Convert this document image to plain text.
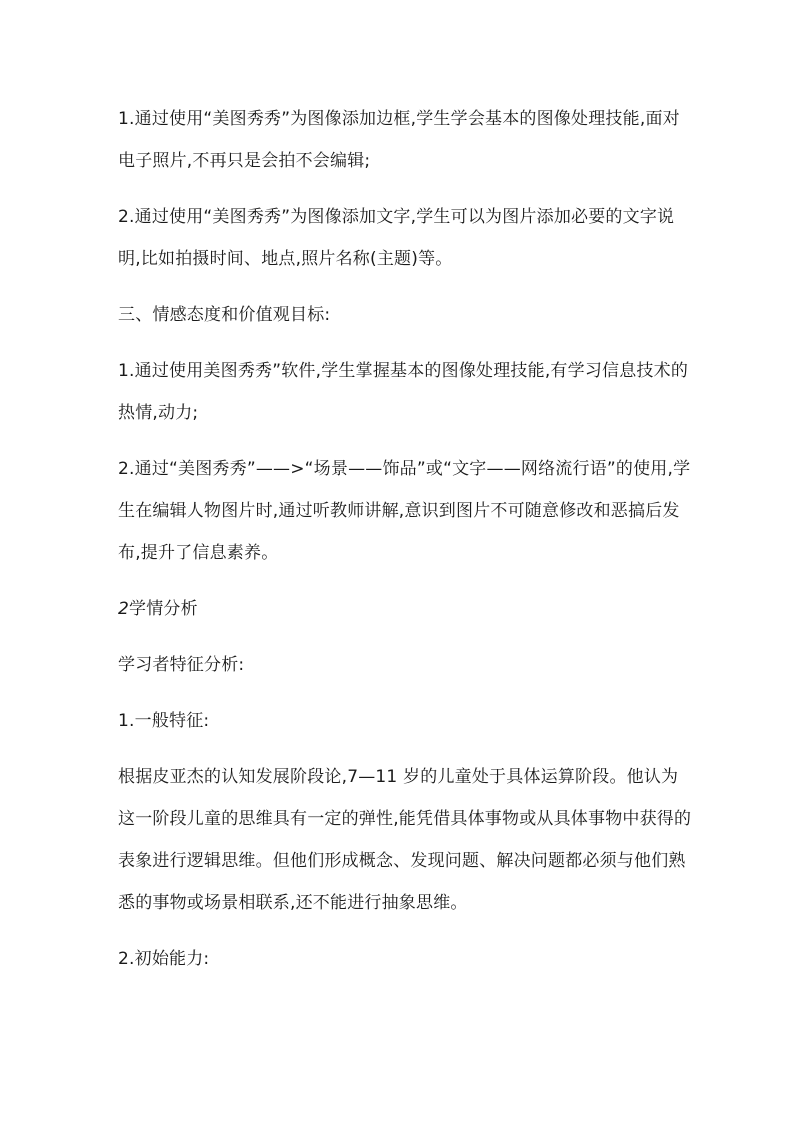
1.通过使用“美图秀秀”为图像添加边框,学生学会基本的图像处理技能,面对电子照片,不再只是会拍不会编辑;

2.通过使用“美图秀秀”为图像添加文字,学生可以为图片添加必要的文字说明,比如拍摄时间、地点,照片名称(主题)等。

三、情感态度和价值观目标:

1.通过使用美图秀秀”软件,学生掌握基本的图像处理技能,有学习信息技术的热情,动力;

2.通过“美图秀秀”——>“场景——饰品”或“文字——网络流行语”的使用,学生在编辑人物图片时,通过听教师讲解,意识到图片不可随意修改和恶搞后发布,提升了信息素养。

2学情分析

学习者特征分析:

1.一般特征:

根据皮亚杰的认知发展阶段论,7—11 岁的儿童处于具体运算阶段。他认为这一阶段儿童的思维具有一定的弹性,能凭借具体事物或从具体事物中获得的表象进行逻辑思维。但他们形成概念、发现问题、解决问题都必须与他们熟悉的事物或场景相联系,还不能进行抽象思维。

2.初始能力:
